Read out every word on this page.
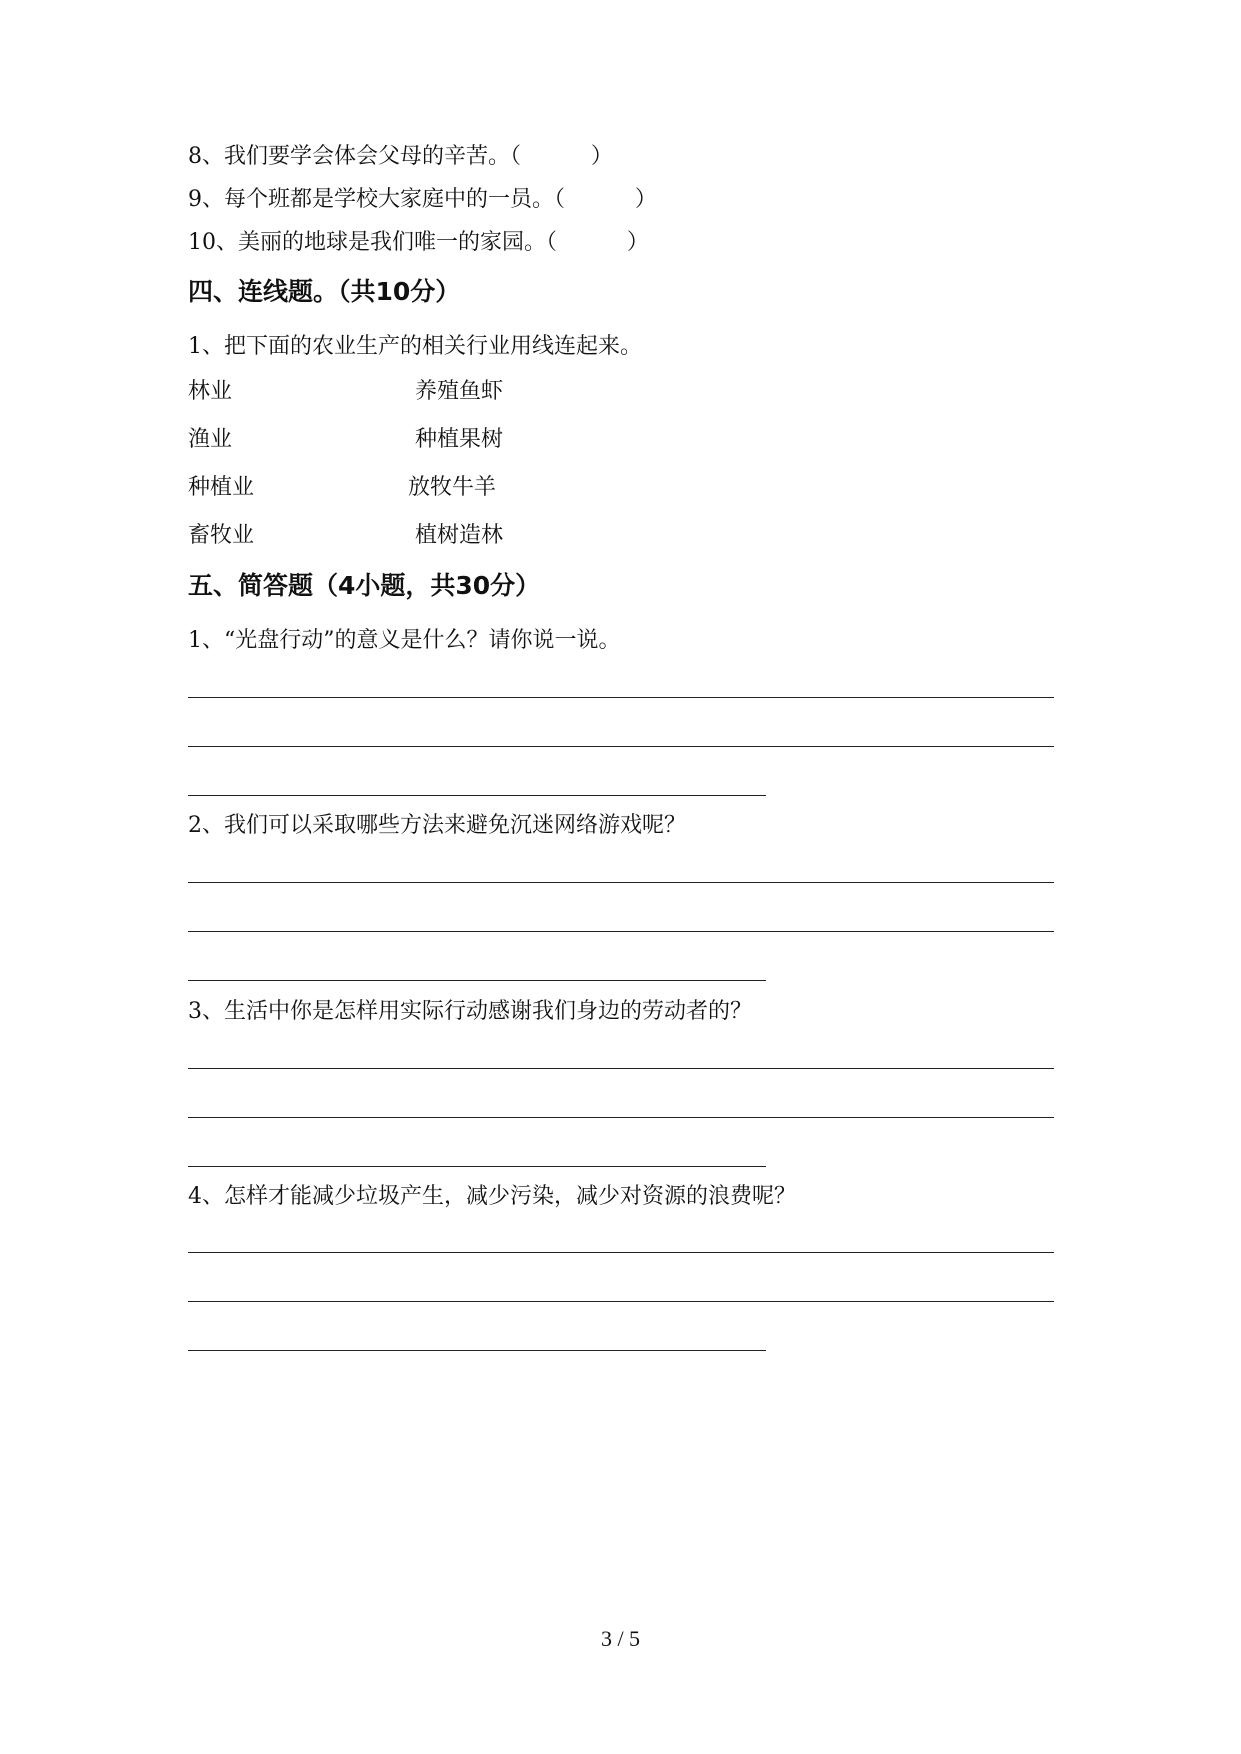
8、我们要学会体会父母的辛苦。（          ）
9、每个班都是学校大家庭中的一员。（          ）
10、美丽的地球是我们唯一的家园。（          ）
四、连线题。（共10分）
1、把下面的农业生产的相关行业用线连起来。
林业	养殖鱼虾
渔业	种植果树
种植业	放牧牛羊
畜牧业	植树造林
五、简答题（4小题，共30分）
1、“光盘行动”的意义是什么？请你说一说。
2、我们可以采取哪些方法来避免沉迷网络游戏呢？
3、生活中你是怎样用实际行动感谢我们身边的劳动者的？
4、怎样才能减少垃圾产生，减少污染，减少对资源的浪费呢？
3 / 5
